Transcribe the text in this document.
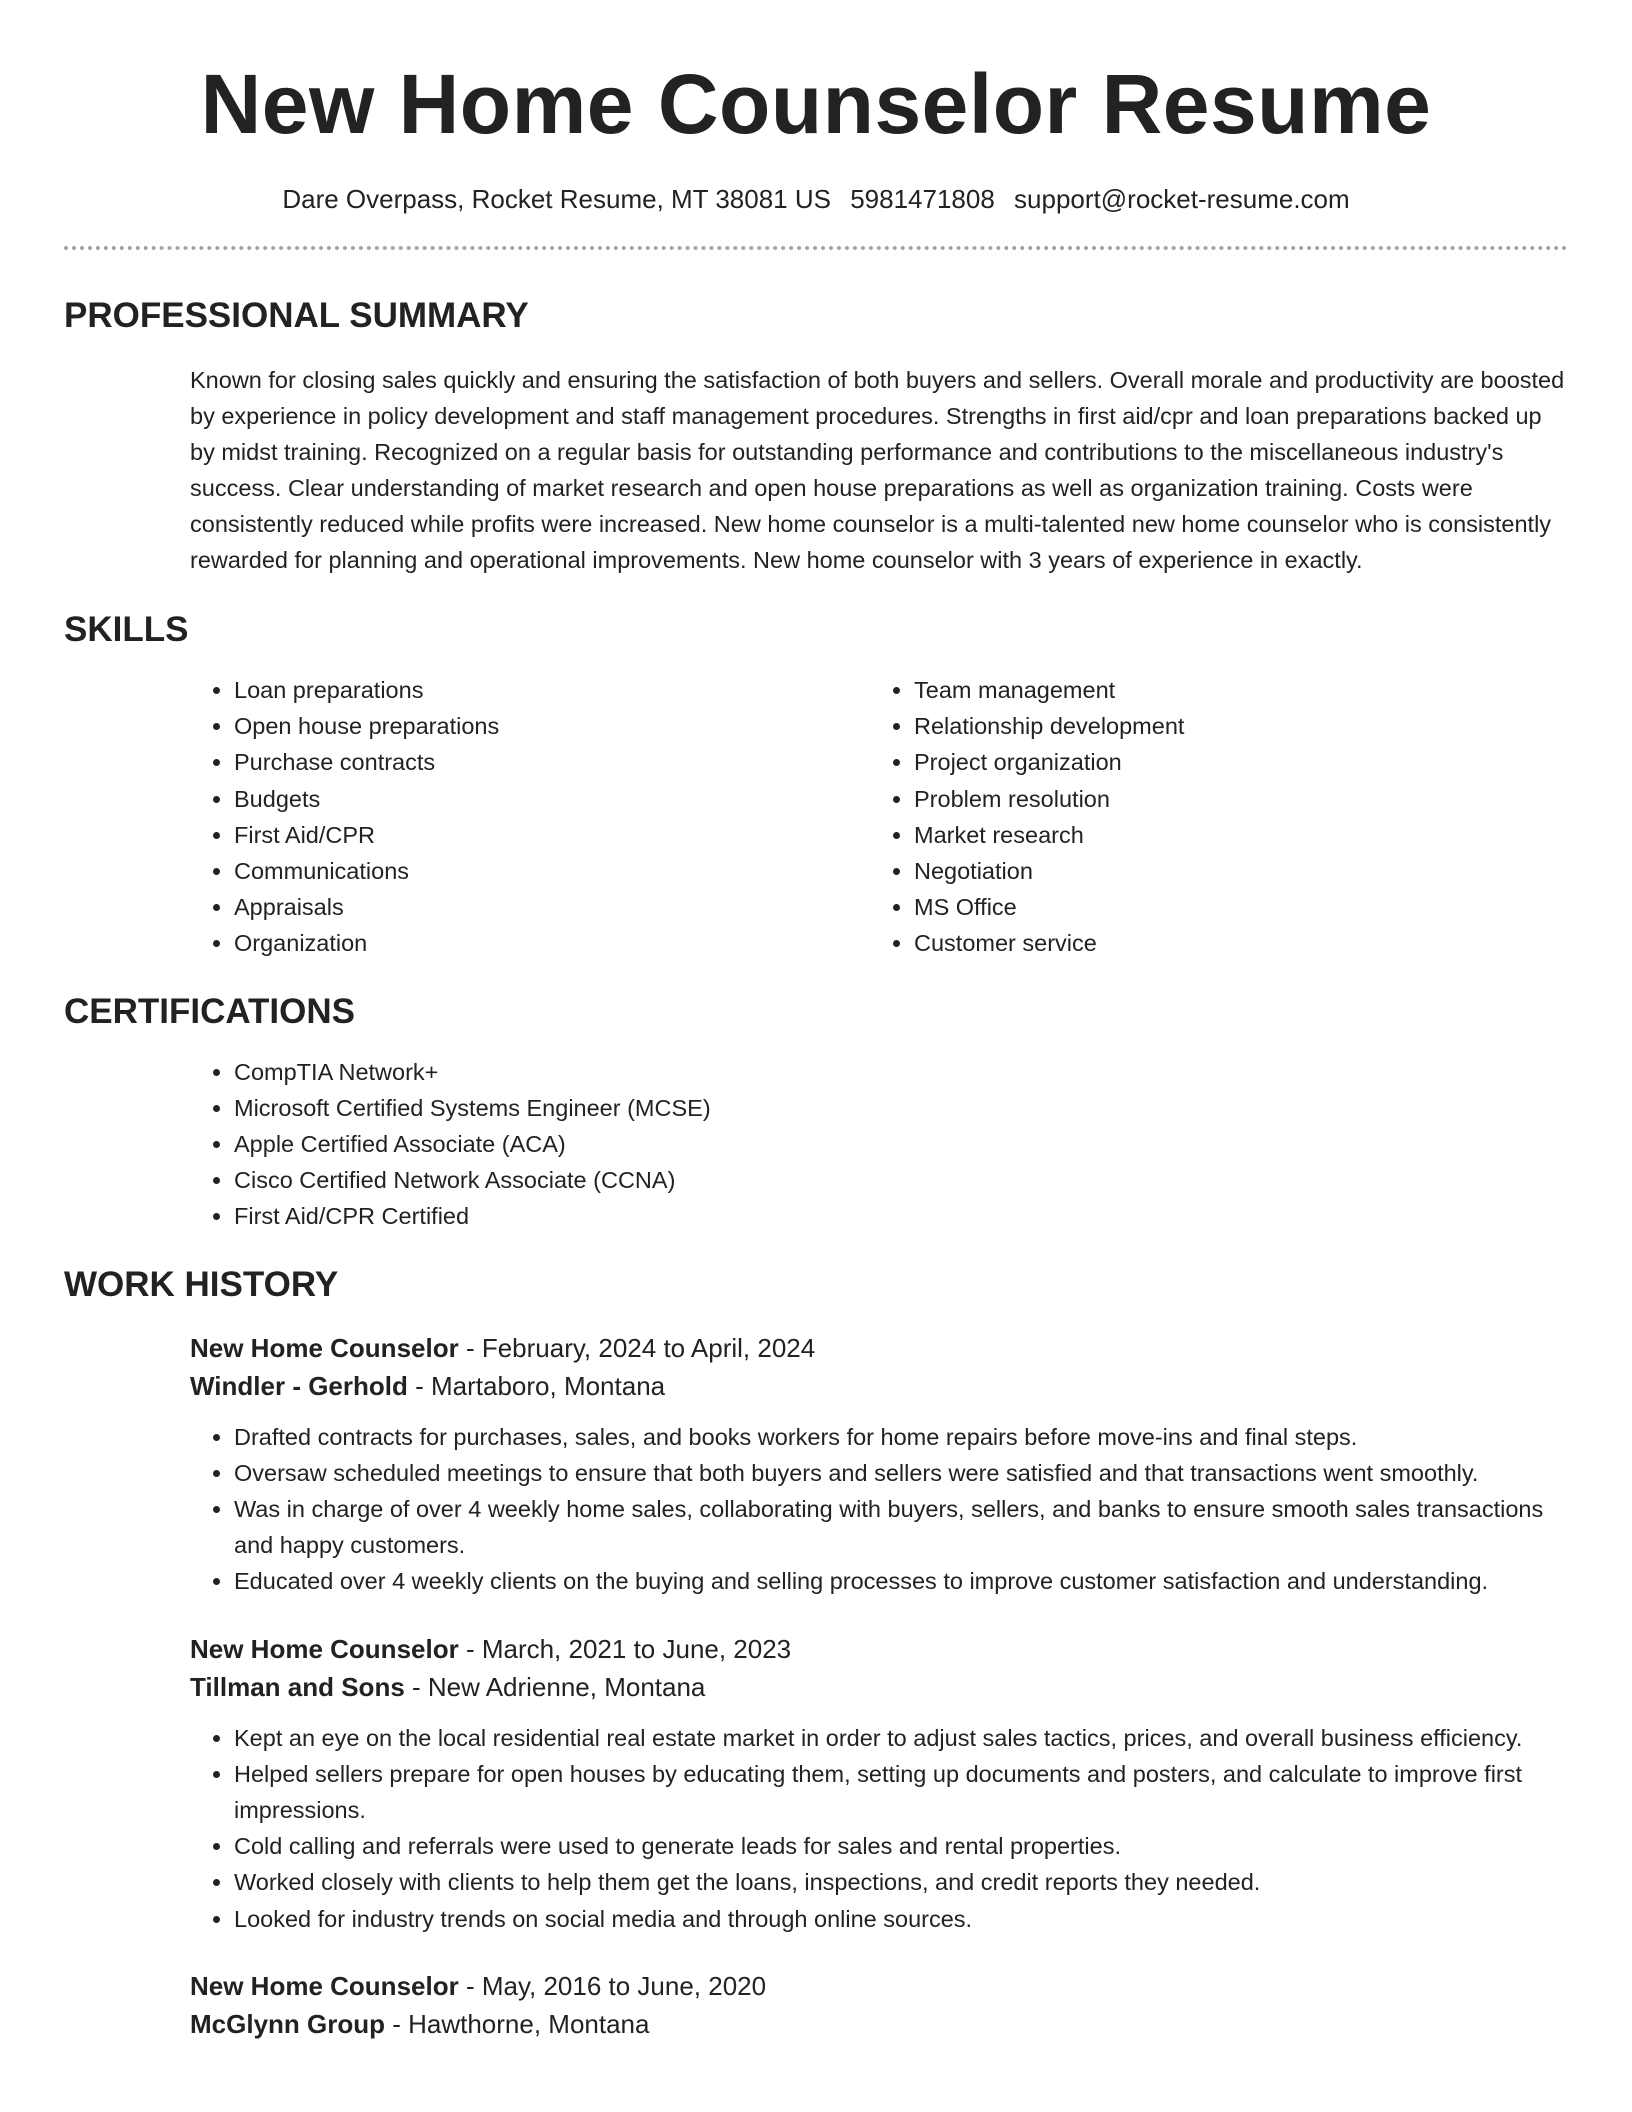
New Home Counselor Resume
Dare Overpass, Rocket Resume, MT 38081 US 5981471808 support@rocket-resume.com
PROFESSIONAL SUMMARY

Known for closing sales quickly and ensuring the satisfaction of both buyers and sellers. Overall morale and productivity are boosted by experience in policy development and staff management procedures. Strengths in first aid/cpr and loan preparations backed up by midst training. Recognized on a regular basis for outstanding performance and contributions to the miscellaneous industry's success. Clear understanding of market research and open house preparations as well as organization training. Costs were consistently reduced while profits were increased. New home counselor is a multi-talented new home counselor who is consistently rewarded for planning and operational improvements. New home counselor with 3 years of experience in exactly.

SKILLS
• Loan preparations
• Open house preparations
• Purchase contracts
• Budgets
• First Aid/CPR
• Communications
• Appraisals
• Organization
• Team management
• Relationship development
• Project organization
• Problem resolution
• Market research
• Negotiation
• MS Office
• Customer service
CERTIFICATIONS
• CompTIA Network+
• Microsoft Certified Systems Engineer (MCSE)
• Apple Certified Associate (ACA)
• Cisco Certified Network Associate (CCNA)
• First Aid/CPR Certified
WORK HISTORY
New Home Counselor - February, 2024 to April, 2024
Windler - Gerhold - Martaboro, Montana
• Drafted contracts for purchases, sales, and books workers for home repairs before move-ins and final steps.
• Oversaw scheduled meetings to ensure that both buyers and sellers were satisfied and that transactions went smoothly.
• Was in charge of over 4 weekly home sales, collaborating with buyers, sellers, and banks to ensure smooth sales transactions and happy customers.
• Educated over 4 weekly clients on the buying and selling processes to improve customer satisfaction and understanding.
New Home Counselor - March, 2021 to June, 2023
Tillman and Sons - New Adrienne, Montana
• Kept an eye on the local residential real estate market in order to adjust sales tactics, prices, and overall business efficiency.
• Helped sellers prepare for open houses by educating them, setting up documents and posters, and calculate to improve first impressions.
• Cold calling and referrals were used to generate leads for sales and rental properties.
• Worked closely with clients to help them get the loans, inspections, and credit reports they needed.
• Looked for industry trends on social media and through online sources.
New Home Counselor - May, 2016 to June, 2020
McGlynn Group - Hawthorne, Montana
